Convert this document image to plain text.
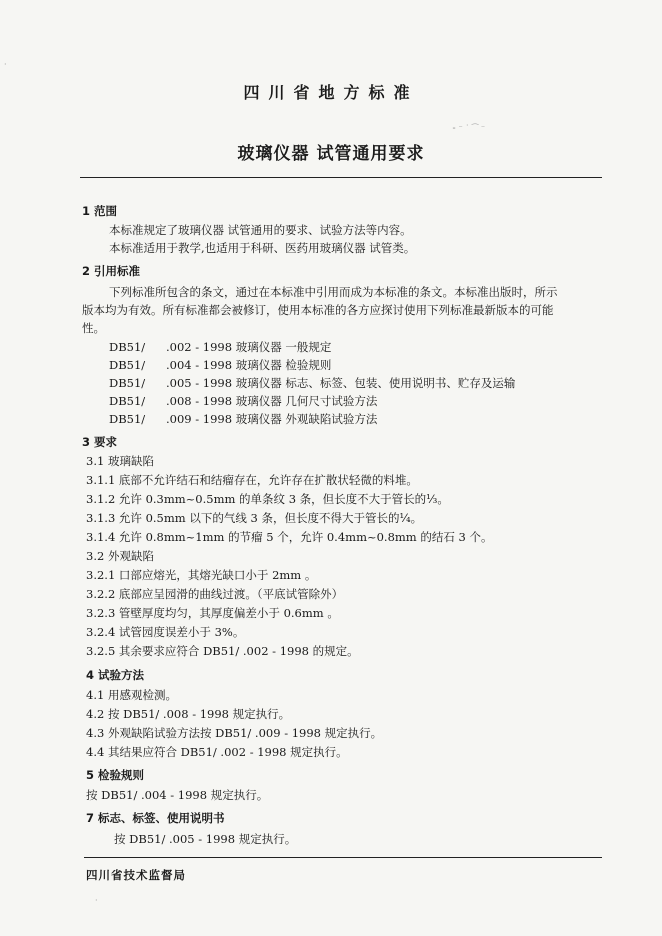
四川省地方标准
⁃ ⁻ ˙ ⁀ ⁻
玻璃仪器 试管通用要求
1 范围
本标准规定了玻璃仪器 试管通用的要求、试验方法等内容。
本标准适用于教学,也适用于科研、医药用玻璃仪器 试管类。
2 引用标准
下列标准所包含的条文，通过在本标准中引用而成为本标准的条文。本标准出版时，所示
版本均为有效。所有标准都会被修订，使用本标准的各方应探讨使用下列标准最新版本的可能
性。
DB51/ .002 - 1998 玻璃仪器 一般规定
DB51/ .004 - 1998 玻璃仪器 检验规则
DB51/ .005 - 1998 玻璃仪器 标志、标签、包装、使用说明书、贮存及运输
DB51/ .008 - 1998 玻璃仪器 几何尺寸试验方法
DB51/ .009 - 1998 玻璃仪器 外观缺陷试验方法
3 要求
3.1 玻璃缺陷
3.1.1 底部不允许结石和结瘤存在，允许存在扩散状轻微的料堆。
3.1.2 允许 0.3mm~0.5mm 的单条纹 3 条，但长度不大于管长的¹⁄₃。
3.1.3 允许 0.5mm 以下的气线 3 条，但长度不得大于管长的¹⁄₄。
3.1.4 允许 0.8mm~1mm 的节瘤 5 个，允许 0.4mm~0.8mm 的结石 3 个。
3.2 外观缺陷
3.2.1 口部应熔光，其熔光缺口小于 2mm 。
3.2.2 底部应呈园滑的曲线过渡。（平底试管除外）
3.2.3 管壁厚度均匀，其厚度偏差小于 0.6mm 。
3.2.4 试管园度误差小于 3%。
3.2.5 其余要求应符合 DB51/ .002 - 1998 的规定。
4 试验方法
4.1 用感观检测。
4.2 按 DB51/ .008 - 1998 规定执行。
4.3 外观缺陷试验方法按 DB51/ .009 - 1998 规定执行。
4.4 其结果应符合 DB51/ .002 - 1998 规定执行。
5 检验规则
按 DB51/ .004 - 1998 规定执行。
7 标志、标签、使用说明书
按 DB51/ .005 - 1998 规定执行。
四川省技术监督局
·
·
